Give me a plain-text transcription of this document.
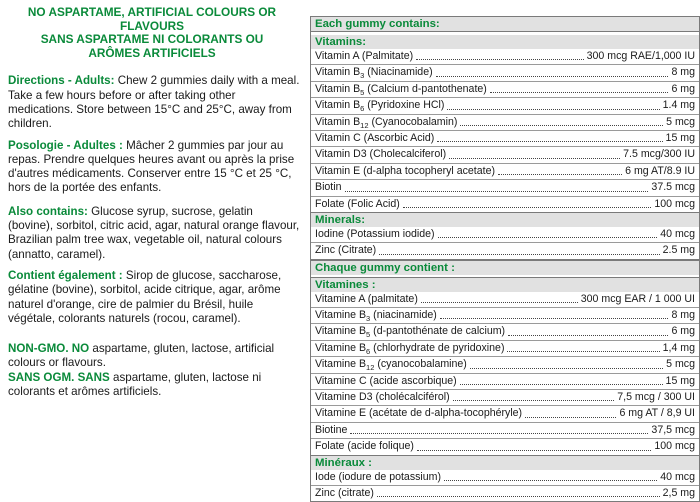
NO ASPARTAME, ARTIFICIAL COLOURS OR FLAVOURS
SANS ASPARTAME NI COLORANTS OU
ARÔMES ARTIFICIELS
Directions - Adults: Chew 2 gummies daily with a meal. Take a few hours before or after taking other medications. Store between 15°C and 25°C, away from children.
Posologie - Adultes : Mâcher 2 gummies par jour au repas. Prendre quelques heures avant ou après la prise d'autres médicaments. Conserver entre 15 °C et 25 °C, hors de la portée des enfants.
Also contains: Glucose syrup, sucrose, gelatin (bovine), sorbitol, citric acid, agar, natural orange flavour, Brazilian palm tree wax, vegetable oil, natural colours (annatto, caramel).
Contient également : Sirop de glucose, saccharose, gélatine (bovine), sorbitol, acide citrique, agar, arôme naturel d'orange, cire de palmier du Brésil, huile végétale, colorants naturels (rocou, caramel).
NON-GMO. NO aspartame, gluten, lactose, artificial colours or flavours.
SANS OGM. SANS aspartame, gluten, lactose ni colorants et arômes artificiels.
Each gummy contains:
Vitamins:
Vitamin A (Palmitate)	300 mcg RAE/1,000 IU
Vitamin $B_3$ (Niacinamide)	8 mg
Vitamin $B_5$ (Calcium d-pantothenate)	6 mg
Vitamin $B_6$ (Pyridoxine HCl)	1.4 mg
Vitamin $B_{12}$ (Cyanocobalamin)	5 mcg
Vitamin C (Ascorbic Acid)	15 mg
Vitamin D3 (Cholecalciferol)	7.5 mcg/300 IU
Vitamin E (d-alpha tocopheryl acetate)	6 mg AT/8.9 IU
Biotin	37.5 mcg
Folate (Folic Acid)	100 mcg
Minerals:
Iodine (Potassium iodide)	40 mcg
Zinc (Citrate)	2.5 mg
Chaque gummy contient :
Vitamines :
Vitamine A (palmitate)	300 mcg EAR / 1 000 UI
Vitamine $B_3$ (niacinamide)	8 mg
Vitamine $B_5$ (d-pantothénate de calcium)	6 mg
Vitamine $B_6$ (chlorhydrate de pyridoxine)	1,4 mg
Vitamine $B_{12}$ (cyanocobalamine)	5 mcg
Vitamine C (acide ascorbique)	15 mg
Vitamine D3 (cholécalciférol)	7,5 mcg / 300 UI
Vitamine E (acétate de d-alpha-tocophéryle)	6 mg AT / 8,9 UI
Biotine	37,5 mcg
Folate (acide folique)	100 mcg
Minéraux :
Iode (iodure de potassium)	40 mcg
Zinc (citrate)	2,5 mg
